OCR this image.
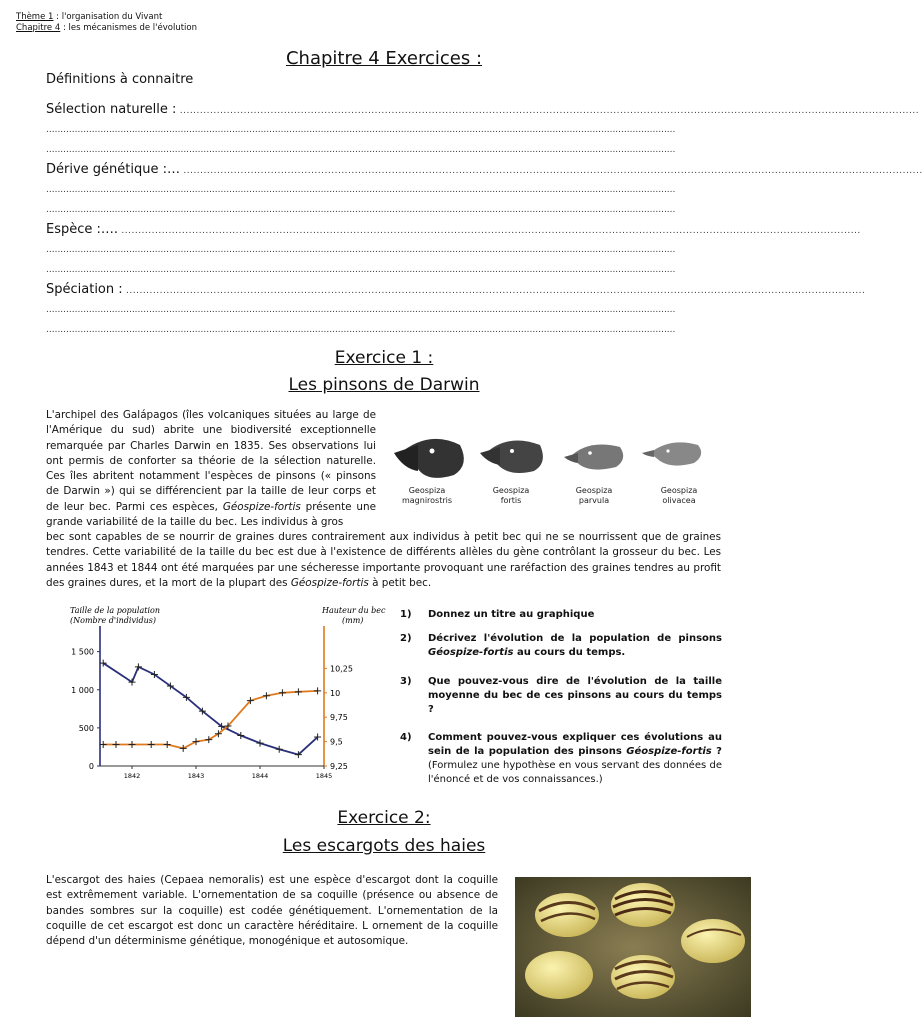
Thème 1 : l'organisation du Vivant
Chapitre 4 : les mécanismes de l'évolution
Chapitre 4 Exercices :
Définitions à connaitre
Sélection naturelle : ............................................................................................................................................................................................................................
............................................................................................................................................................................................................................
............................................................................................................................................................................................................................
Dérive génétique :… ............................................................................................................................................................................................................................
............................................................................................................................................................................................................................
............................................................................................................................................................................................................................
Espèce :…. ............................................................................................................................................................................................................................
............................................................................................................................................................................................................................
............................................................................................................................................................................................................................
Spéciation : ............................................................................................................................................................................................................................
............................................................................................................................................................................................................................
............................................................................................................................................................................................................................
Exercice 1 :
Les pinsons de Darwin
L'archipel des Galápagos (îles volcaniques situées au large de l'Amérique du sud) abrite une biodiversité exceptionnelle remarquée par Charles Darwin en 1835. Ses observations lui ont permis de conforter sa théorie de la sélection naturelle. Ces îles abritent notamment l'espèces de pinsons (« pinsons de Darwin ») qui se différencient par la taille de leur corps et de leur bec. Parmi ces espèces, Géospize-fortis présente une grande variabilité de la taille du bec. Les individus à gros
bec sont capables de se nourrir de graines dures contrairement aux individus à petit bec qui ne se nourrissent que de graines tendres. Cette variabilité de la taille du bec est due à l'existence de différents allèles du gène contrôlant la grosseur du bec. Les années 1843 et 1844 ont été marquées par une sécheresse importante provoquant une raréfaction des graines tendres au profit des graines dures, et la mort de la plupart des Géospize-fortis à petit bec.
Geospiza
magnirostris
Geospiza
fortis
Geospiza
parvula
Geospiza
olivacea
Taille de la population
(Nombre d'individus)
Hauteur du bec
(mm)
0
500
1 000
1 500
9,25
9,5
9,75
10
10,25
1842	1843	1844	1845
1) Donnez un titre au graphique
2) Décrivez l'évolution de la population de pinsons Géospize-fortis au cours du temps.
3) Que pouvez-vous dire de l'évolution de la taille moyenne du bec de ces pinsons au cours du temps ?
4) Comment pouvez-vous expliquer ces évolutions au sein de la population des pinsons Géospize-fortis ? (Formulez une hypothèse en vous servant des données de l'énoncé et de vos connaissances.)
Exercice 2:
Les escargots des haies
L'escargot des haies (Cepaea nemoralis) est une espèce d'escargot dont la coquille est extrêmement variable. L'ornementation de sa coquille (présence ou absence de bandes sombres sur la coquille) est codée génétiquement. L'ornementation de la coquille de cet escargot est donc un caractère héréditaire. L ornement de la coquille dépend d'un déterminisme génétique, monogénique et autosomique.
